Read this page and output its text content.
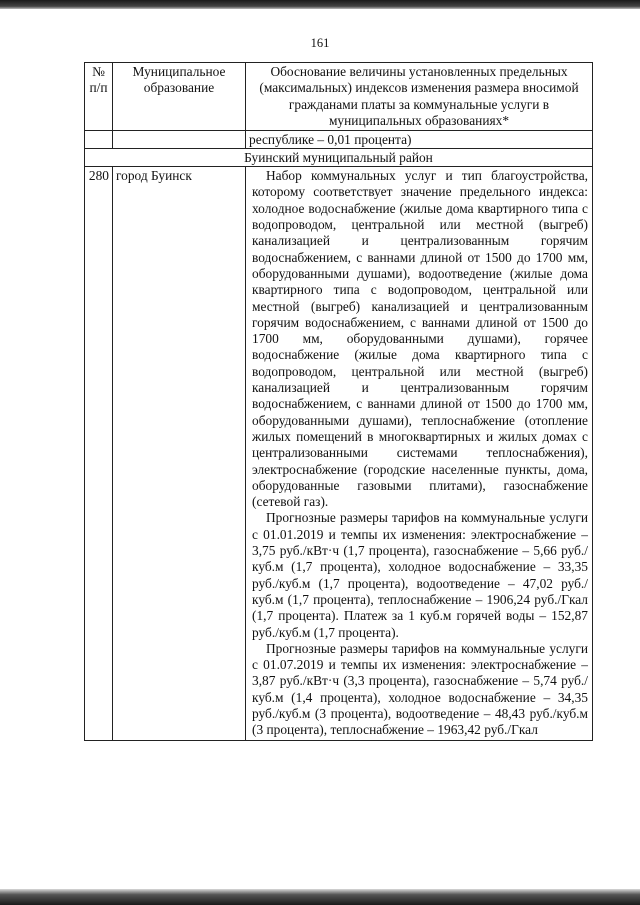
161
№ п/п	Муниципальное образование	Обоснование величины установленных предельных (максимальных) индексов изменения размера вносимой гражданами платы за коммунальные услуги в муниципальных образованиях*
		республике – 0,01 процента)
Буинский муниципальный район		
280	город Буинск	Набор коммунальных услуг и тип благоустройства, которому соответствует значение предельного индекса: холодное водоснабжение (жилые дома квартирного типа с водопроводом, центральной или местной (выгреб) канализацией и централизованным горячим водоснабжением, с ваннами длиной от 1500 до 1700 мм, оборудованными душами), водоотведение (жилые дома квартирного типа с водопроводом, центральной или местной (выгреб) канализацией и централизованным горячим водоснабжением, с ваннами длиной от 1500 до 1700 мм, оборудованными душами), горячее водоснабжение (жилые дома квартирного типа с водопроводом, центральной или местной (выгреб) канализацией и централизованным горячим водоснабжением, с ваннами длиной от 1500 до 1700 мм, оборудованными душами), теплоснабжение (отопление жилых помещений в многоквартирных и жилых домах с централизованными системами теплоснабжения), электроснабжение (городские населенные пункты, дома, оборудованные газовыми плитами), газоснабжение (сетевой газ).

Прогнозные размеры тарифов на коммунальные услуги с 01.01.2019 и темпы их изменения: электроснабжение – 3,75 руб./кВт·ч (1,7 процента), газоснабжение – 5,66 руб./куб.м (1,7 процента), холодное водоснабжение – 33,35 руб./куб.м (1,7 процента), водоотведение – 47,02 руб./куб.м (1,7 процента), теплоснабжение – 1906,24 руб./Гкал (1,7 процента). Платеж за 1 куб.м горячей воды – 152,87 руб./куб.м (1,7 процента).

Прогнозные размеры тарифов на коммунальные услуги с 01.07.2019 и темпы их изменения: электроснабжение – 3,87 руб./кВт·ч (3,3 процента), газоснабжение – 5,74 руб./куб.м (1,4 процента), холодное водоснабжение – 34,35 руб./куб.м (3 процента), водоотведение – 48,43 руб./куб.м (3 процента), теплоснабжение – 1963,42 руб./Гкал
